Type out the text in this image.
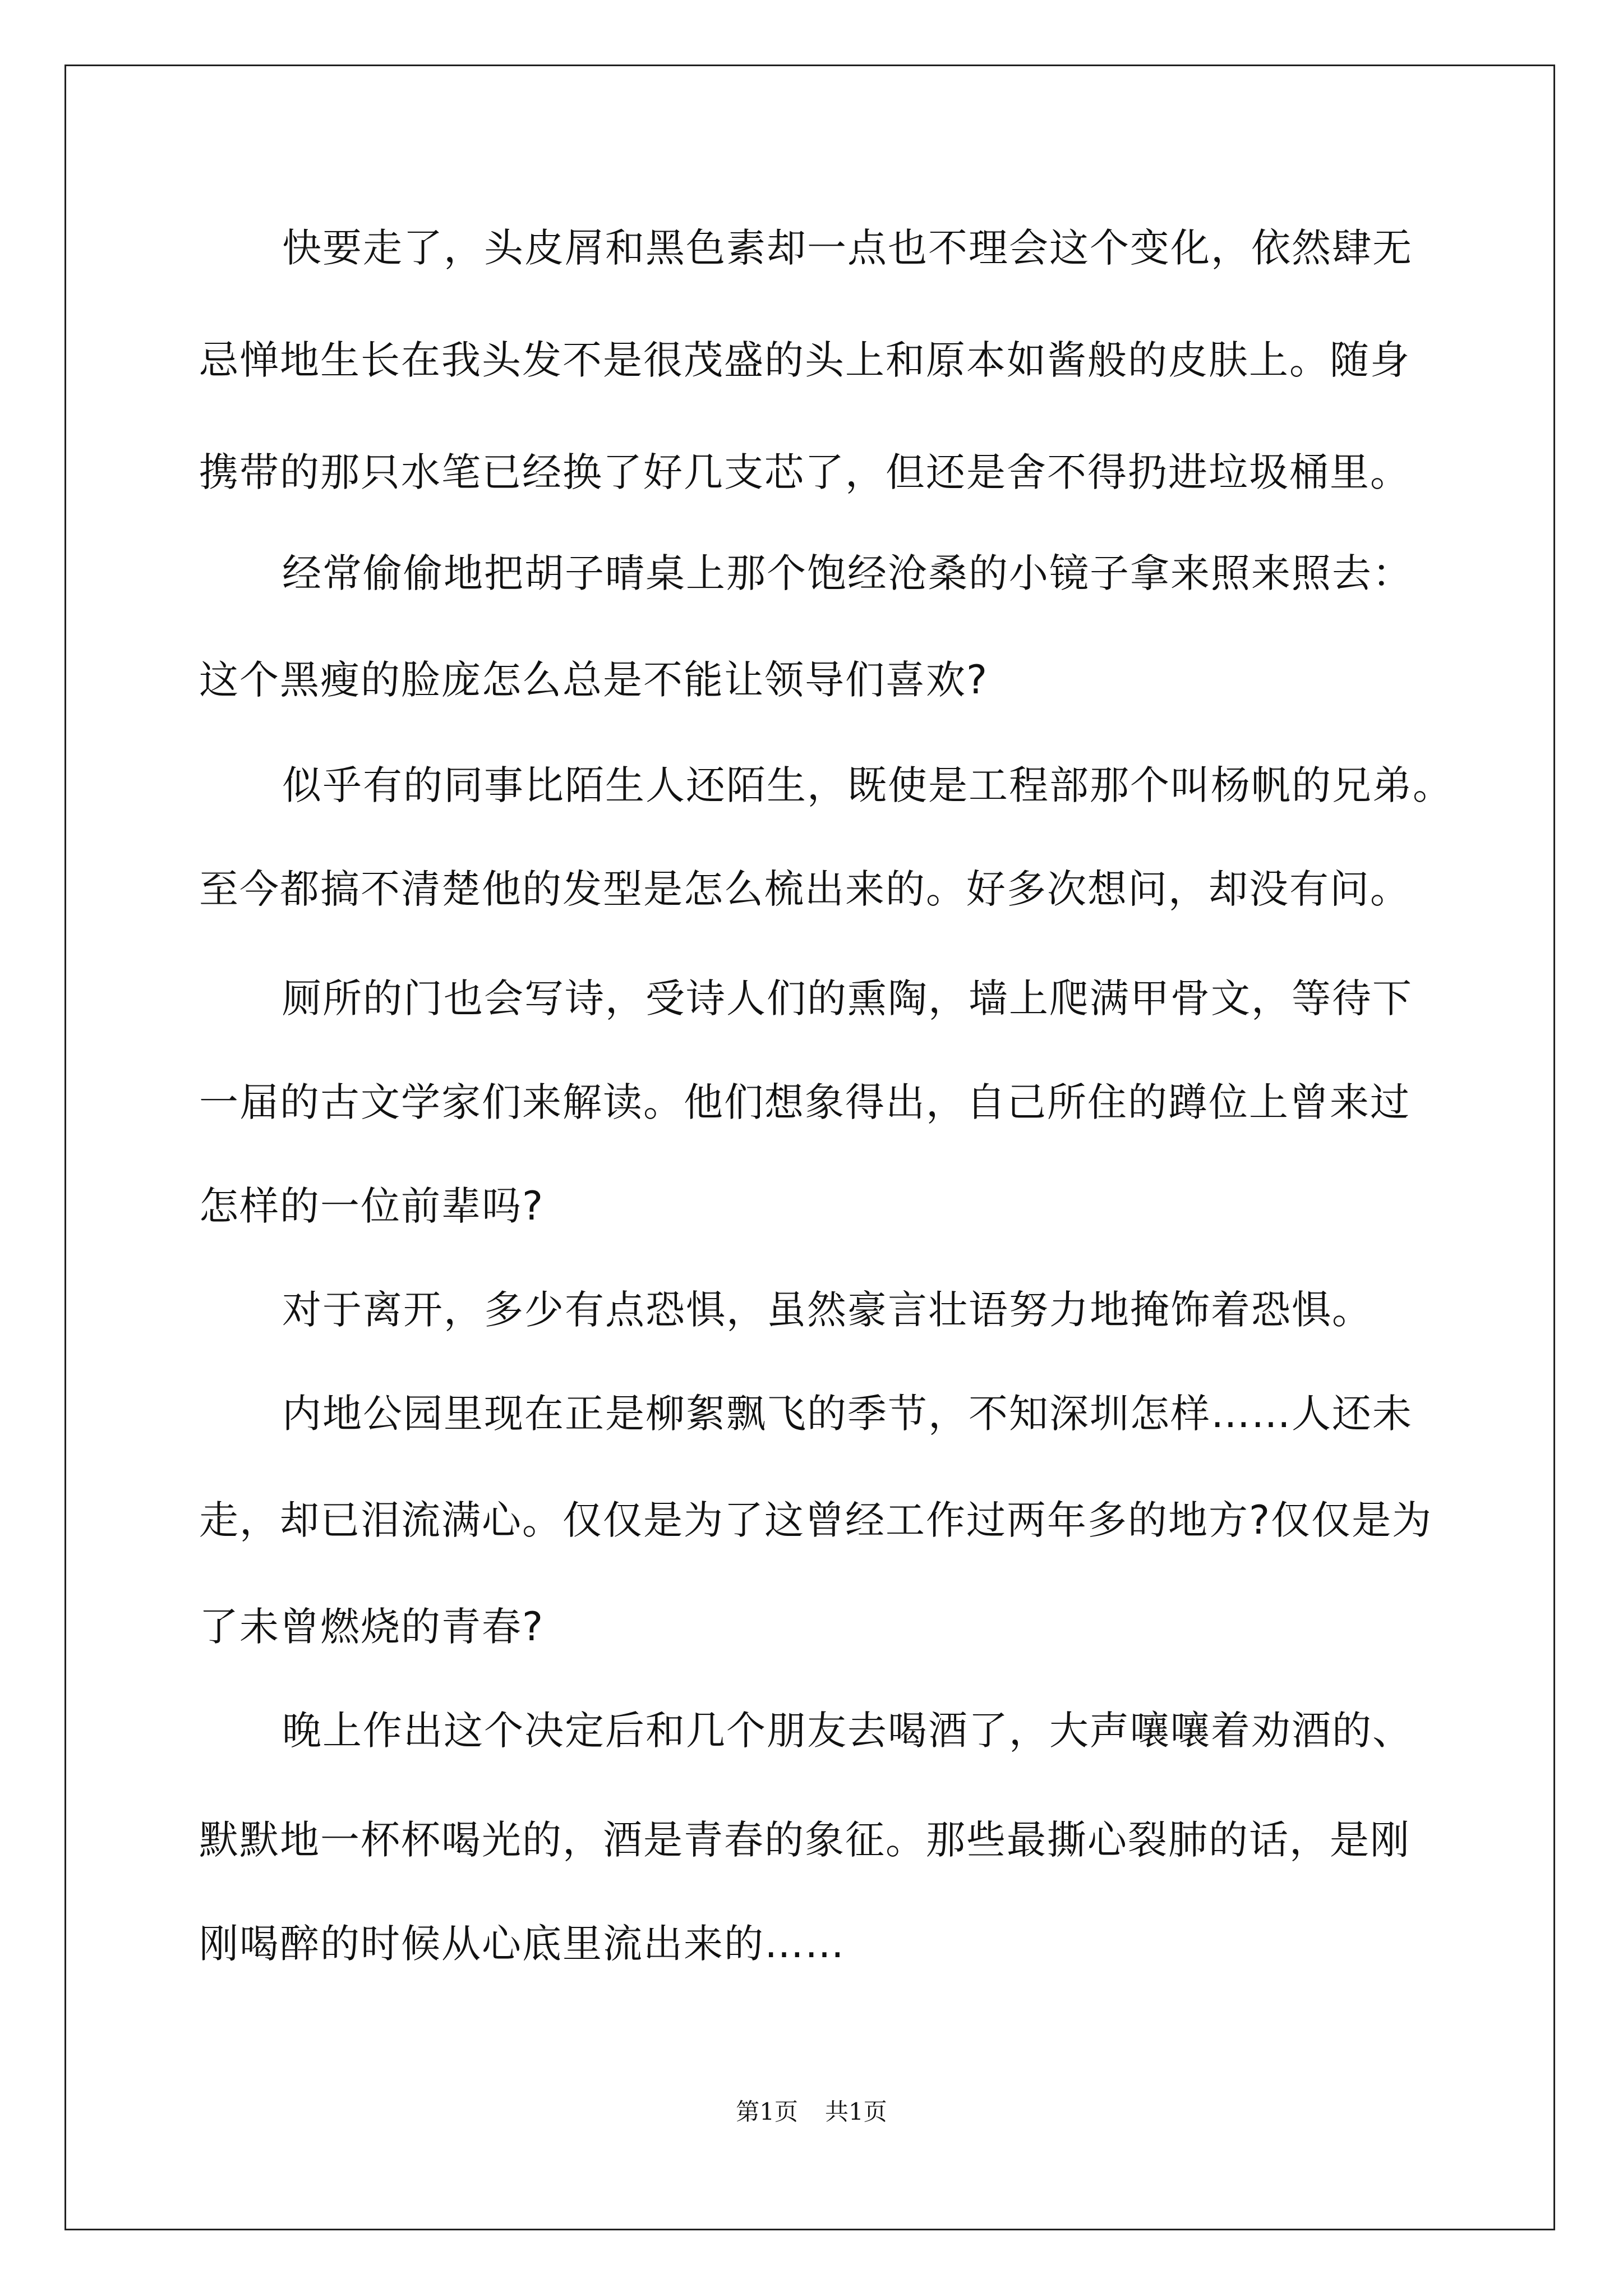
快要走了，头皮屑和黑色素却一点也不理会这个变化，依然肆无
忌惮地生长在我头发不是很茂盛的头上和原本如酱般的皮肤上。随身
携带的那只水笔已经换了好几支芯了，但还是舍不得扔进垃圾桶里。
经常偷偷地把胡子晴桌上那个饱经沧桑的小镜子拿来照来照去：
这个黑瘦的脸庞怎么总是不能让领导们喜欢?
似乎有的同事比陌生人还陌生，既使是工程部那个叫杨帆的兄弟。
至今都搞不清楚他的发型是怎么梳出来的。好多次想问，却没有问。
厕所的门也会写诗，受诗人们的熏陶，墙上爬满甲骨文，等待下
一届的古文学家们来解读。他们想象得出，自己所住的蹲位上曾来过
怎样的一位前辈吗?
对于离开，多少有点恐惧，虽然豪言壮语努力地掩饰着恐惧。
内地公园里现在正是柳絮飘飞的季节，不知深圳怎样……人还未
走，却已泪流满心。仅仅是为了这曾经工作过两年多的地方?仅仅是为
了未曾燃烧的青春?
晚上作出这个决定后和几个朋友去喝酒了，大声嚷嚷着劝酒的、
默默地一杯杯喝光的，酒是青春的象征。那些最撕心裂肺的话，是刚
刚喝醉的时候从心底里流出来的……
第1页 共1页
